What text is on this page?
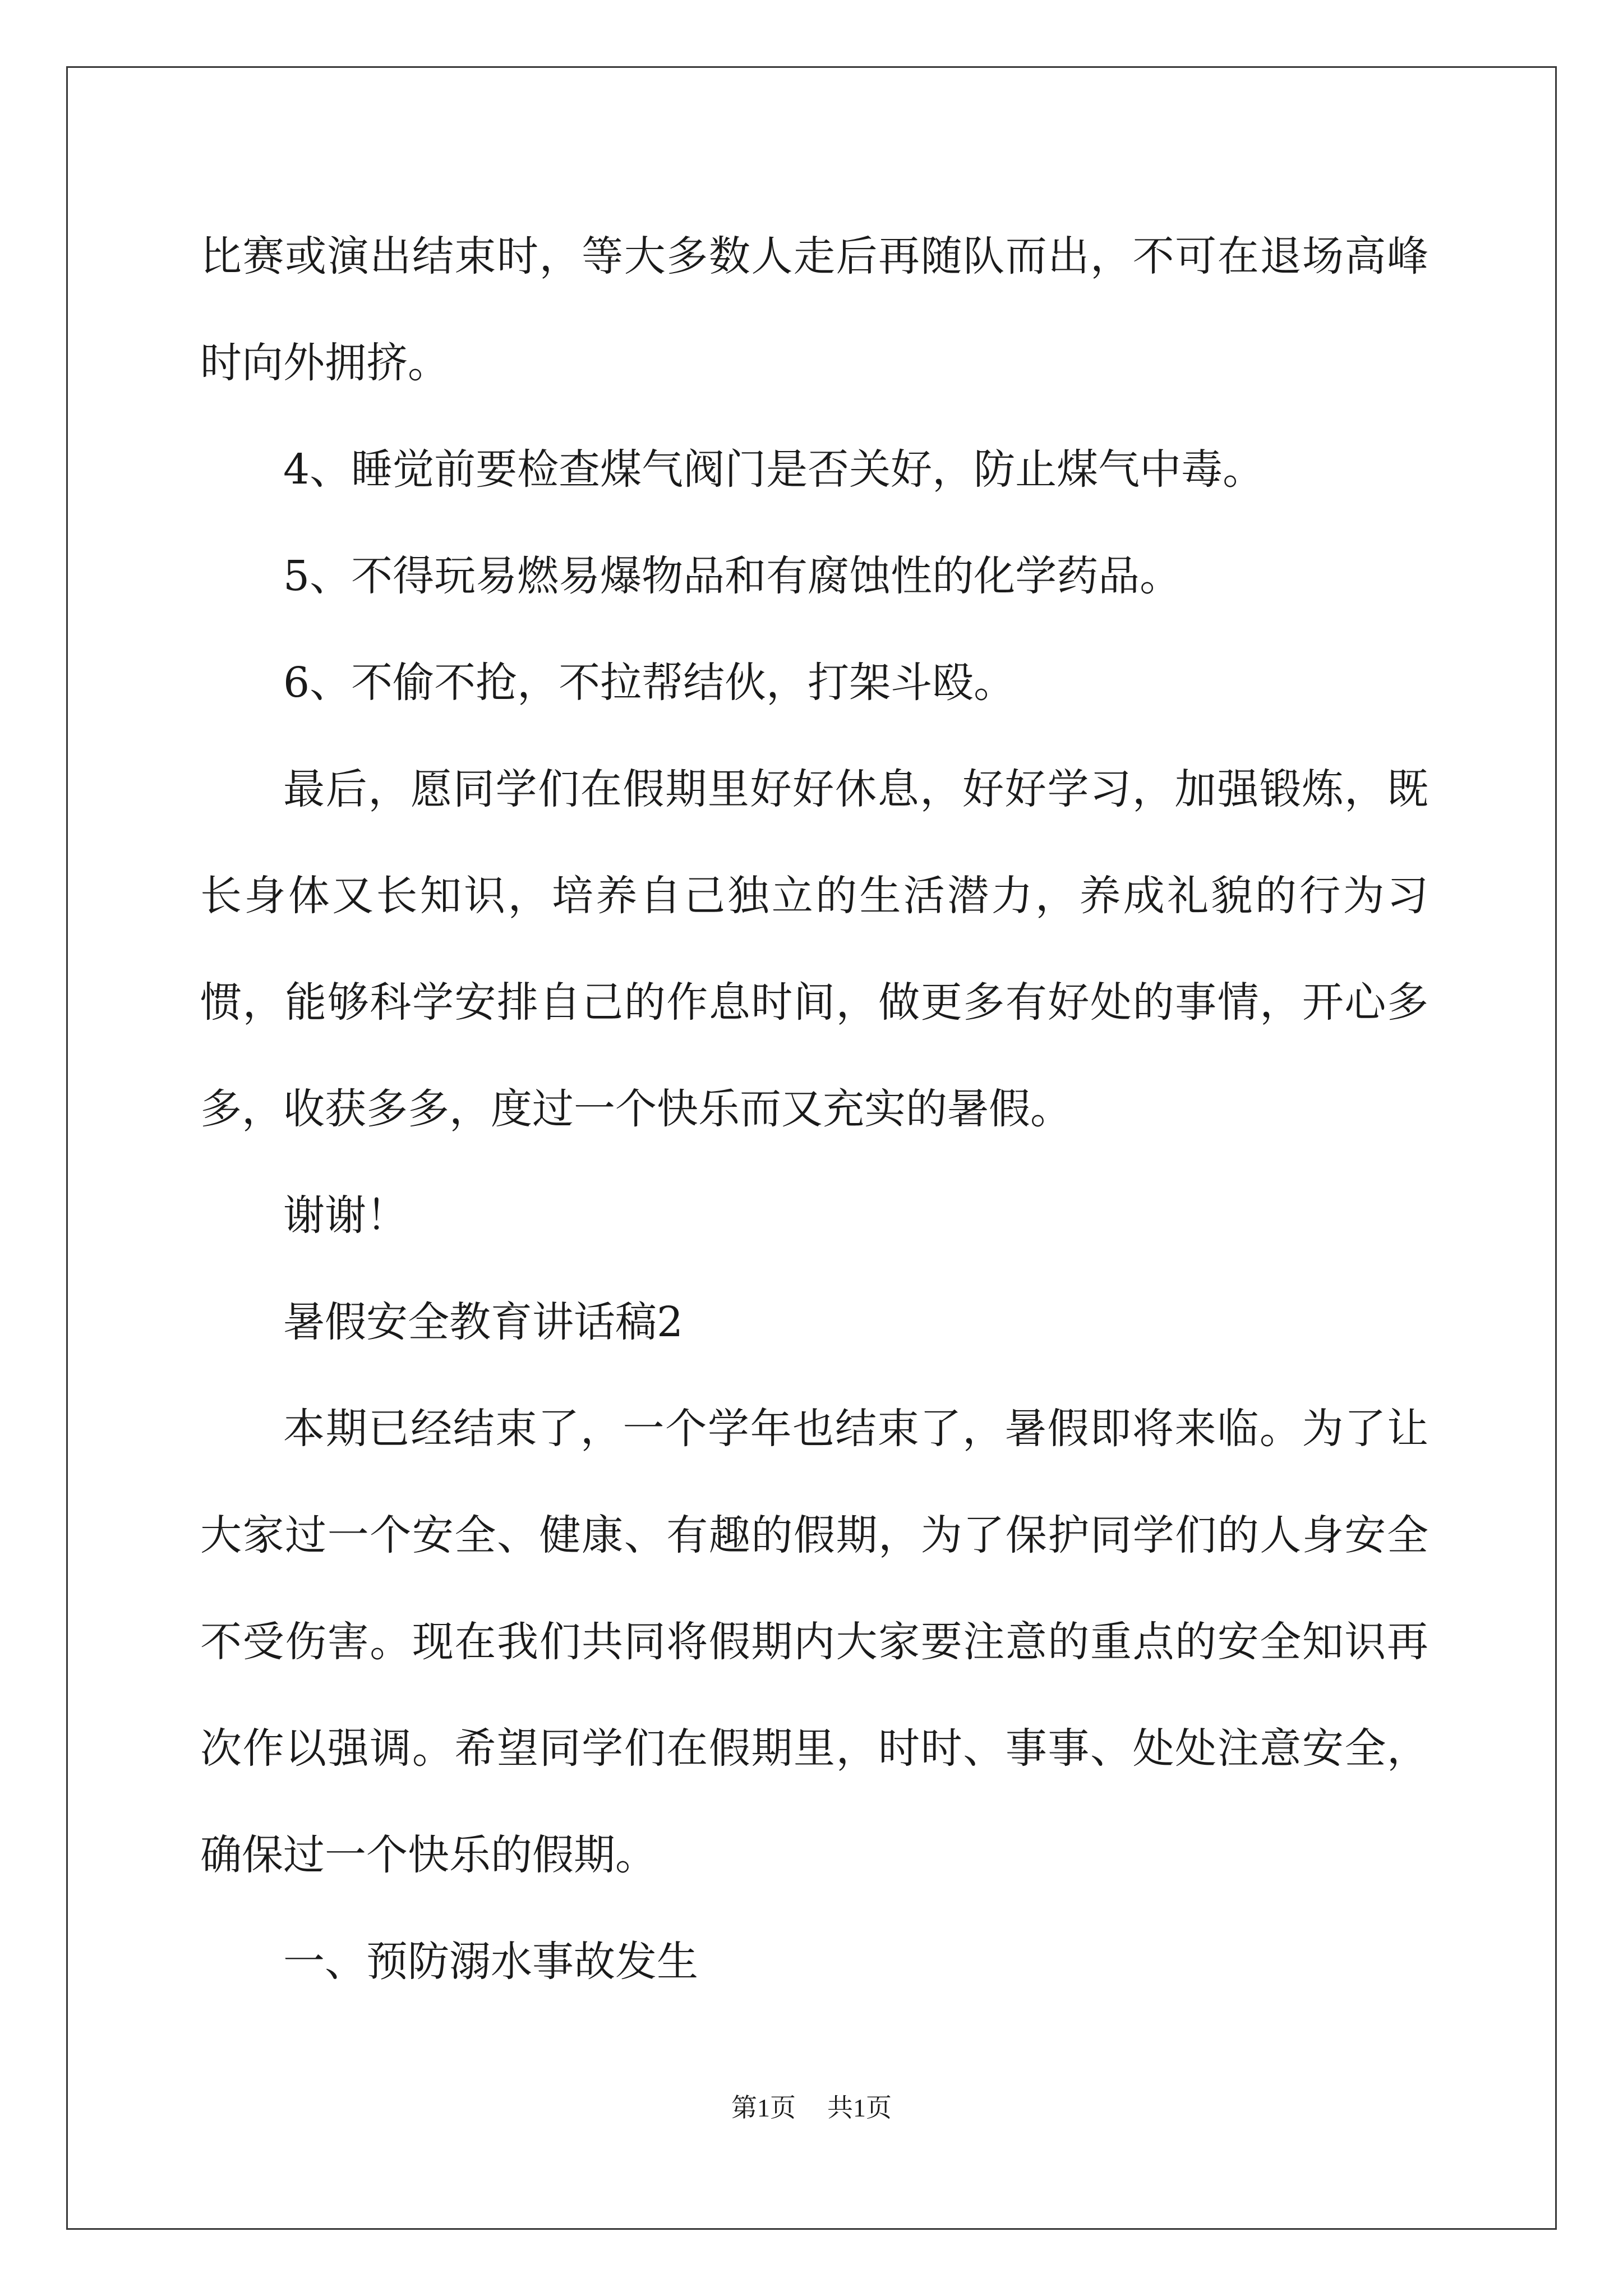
比赛或演出结束时，等大多数人走后再随队而出，不可在退场高峰时向外拥挤。

4、睡觉前要检查煤气阀门是否关好，防止煤气中毒。

5、不得玩易燃易爆物品和有腐蚀性的化学药品。

6、不偷不抢，不拉帮结伙，打架斗殴。

最后，愿同学们在假期里好好休息，好好学习，加强锻炼，既长身体又长知识，培养自己独立的生活潜力，养成礼貌的行为习惯，能够科学安排自己的作息时间，做更多有好处的事情，开心多多，收获多多，度过一个快乐而又充实的暑假。

谢谢！

暑假安全教育讲话稿2

本期已经结束了，一个学年也结束了，暑假即将来临。为了让大家过一个安全、健康、有趣的假期，为了保护同学们的人身安全不受伤害。现在我们共同将假期内大家要注意的重点的安全知识再次作以强调。希望同学们在假期里，时时、事事、处处注意安全，确保过一个快乐的假期。

一、预防溺水事故发生

第1页 共1页
